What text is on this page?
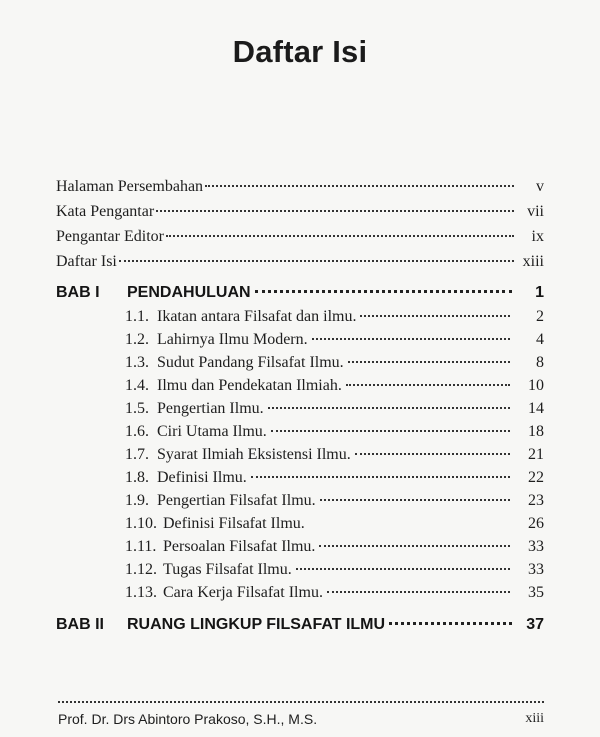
Daftar Isi
Halaman Persembahan	v
Kata Pengantar	vii
Pengantar Editor	ix
Daftar Isi	xiii
BAB I	PENDAHULUAN	1
1.1. Ikatan antara Filsafat dan ilmu.	2
1.2. Lahirnya Ilmu Modern.	4
1.3. Sudut Pandang Filsafat Ilmu.	8
1.4. Ilmu dan Pendekatan Ilmiah.	10
1.5. Pengertian Ilmu.	14
1.6. Ciri Utama Ilmu.	18
1.7. Syarat Ilmiah Eksistensi Ilmu.	21
1.8. Definisi Ilmu.	22
1.9. Pengertian Filsafat Ilmu.	23
1.10. Definisi Filsafat Ilmu.	26
1.11. Persoalan Filsafat Ilmu.	33
1.12. Tugas Filsafat Ilmu.	33
1.13. Cara Kerja Filsafat Ilmu.	35
BAB II	RUANG LINGKUP FILSAFAT ILMU	37
Prof. Dr. Drs Abintoro Prakoso, S.H., M.S.	xiii
